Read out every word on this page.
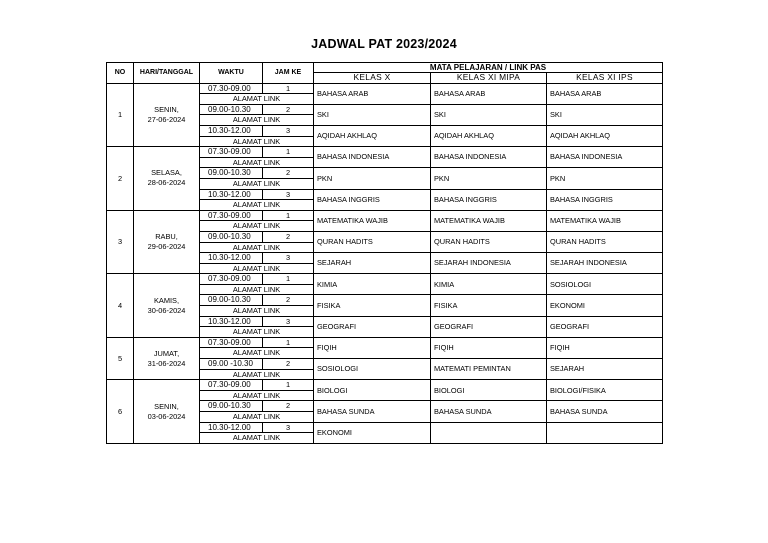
JADWAL PAT 2023/2024
NO	HARI/TANGGAL	WAKTU	JAM KE	MATA PELAJARAN / LINK PAS		
				KELAS X	KELAS XI MIPA	KELAS XI IPS
1	SENIN,
27-06-2024	07.30-09.00	1	BAHASA ARAB	BAHASA ARAB	BAHASA ARAB
		ALAMAT LINK				
		09.00-10.30	2	SKI	SKI	SKI
		ALAMAT LINK				
		10.30-12.00	3	AQIDAH AKHLAQ	AQIDAH AKHLAQ	AQIDAH AKHLAQ
		ALAMAT LINK				
2	SELASA,
28-06-2024	07.30-09.00	1	BAHASA INDONESIA	BAHASA INDONESIA	BAHASA INDONESIA
		ALAMAT LINK				
		09.00-10.30	2	PKN	PKN	PKN
		ALAMAT LINK				
		10.30-12.00	3	BAHASA INGGRIS	BAHASA INGGRIS	BAHASA INGGRIS
		ALAMAT LINK				
3	RABU,
29-06-2024	07.30-09.00	1	MATEMATIKA WAJIB	MATEMATIKA WAJIB	MATEMATIKA WAJIB
		ALAMAT LINK				
		09.00-10.30	2	QURAN HADITS	QURAN HADITS	QURAN HADITS
		ALAMAT LINK				
		10.30-12.00	3	SEJARAH	SEJARAH INDONESIA	SEJARAH INDONESIA
		ALAMAT LINK				
4	KAMIS,
30-06-2024	07.30-09.00	1	KIMIA	KIMIA	SOSIOLOGI
		ALAMAT LINK				
		09.00-10.30	2	FISIKA	FISIKA	EKONOMI
		ALAMAT LINK				
		10.30-12.00	3	GEOGRAFI	GEOGRAFI	GEOGRAFI
		ALAMAT LINK				
5	JUMAT,
31-06-2024	07.30-09.00	1	FIQIH	FIQIH	FIQIH
		ALAMAT LINK				
		09.00 -10.30	2	SOSIOLOGI	MATEMATI PEMINTAN	SEJARAH
		ALAMAT LINK				
6	SENIN,
03-06-2024	07.30-09.00	1	BIOLOGI	BIOLOGI	BIOLOGI/FISIKA
		ALAMAT LINK				
		09.00-10.30	2	BAHASA SUNDA	BAHASA SUNDA	BAHASA SUNDA
		ALAMAT LINK				
		10.30-12.00	3	EKONOMI		
		ALAMAT LINK				
